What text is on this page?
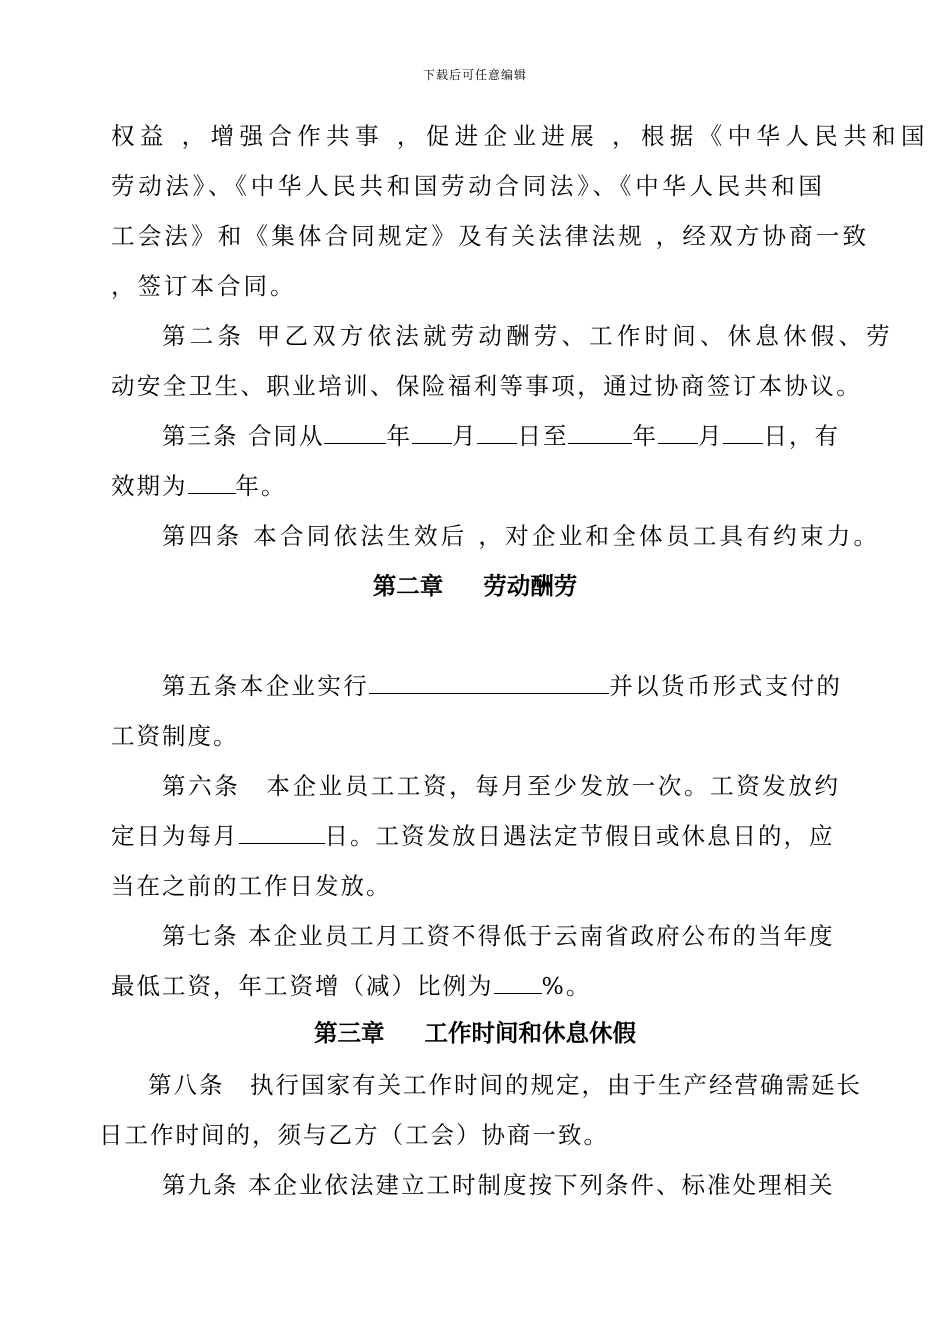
下载后可任意编辑
权益 ，增强合作共事 ，促进企业进展 ，根据《中华人民共和国
劳动法》、《中华人民共和国劳动合同法》、《中华人民共和国
工会法》和《集体合同规定》及有关法律法规 ，经双方协商一致
，签订本合同。
第二条 甲乙双方依法就劳动酬劳、工作时间、休息休假、劳
动安全卫生、职业培训、保险福利等事项，通过协商签订本协议。
第三条 合同从	年 月 日至	年 月 日，有
效期为 年。
第四条 本合同依法生效后 ，对企业和全体员工具有约束力。
第二章 劳动酬劳
第五条本企业实行	并以货币形式支付的
工资制度。
第六条　本企业员工工资，每月至少发放一次。工资发放约
定日为每月	日。工资发放日遇法定节假日或休息日的，应
当在之前的工作日发放。
第七条 本企业员工月工资不得低于云南省政府公布的当年度
最低工资，年工资增（减）比例为 %。
第三章 工作时间和休息休假
第八条　执行国家有关工作时间的规定，由于生产经营确需延长
日工作时间的，须与乙方（工会）协商一致。
第九条 本企业依法建立工时制度按下列条件、标准处理相关
